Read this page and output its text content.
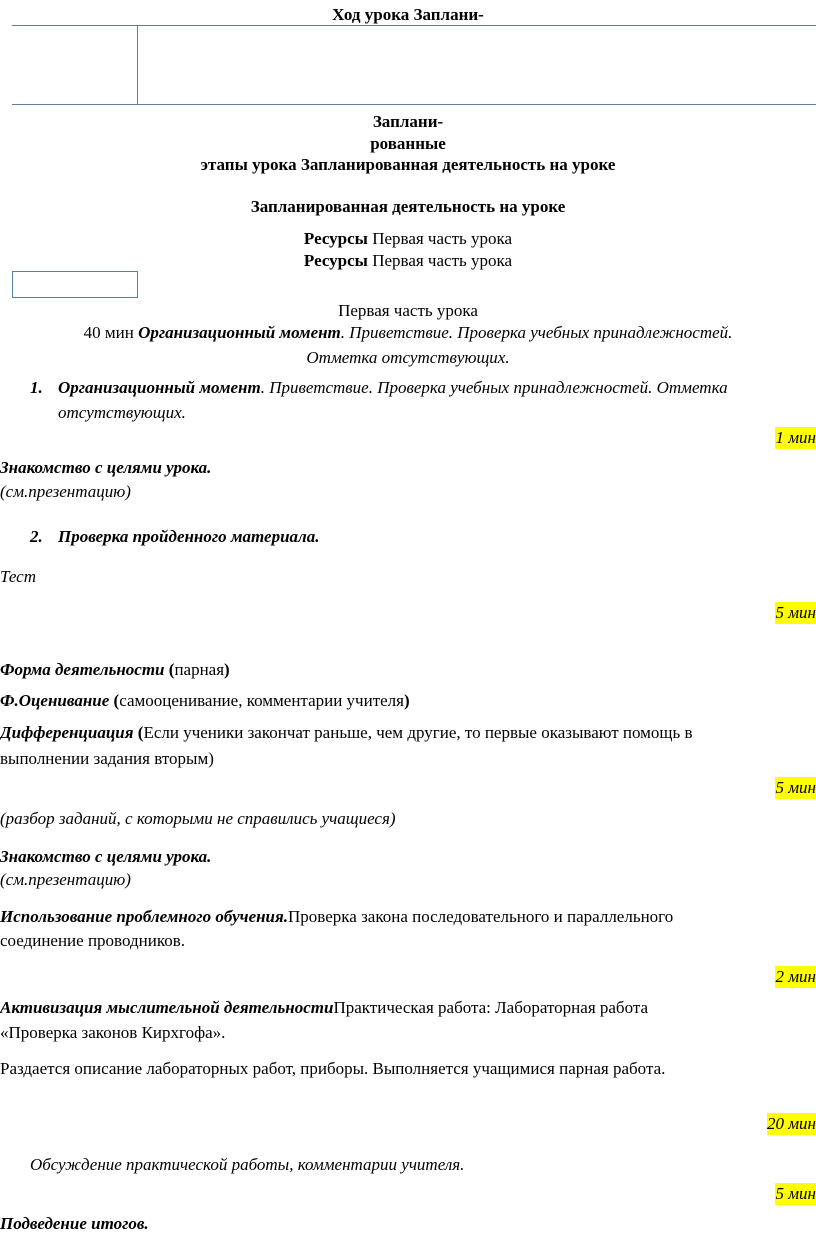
Ход урока Заплани-
Заплани-
рованные
этапы урока Запланированная деятельность на уроке
Запланированная деятельность на уроке
Ресурсы Первая часть урока
Ресурсы Первая часть урока
Первая часть урока
40 мин Организационный момент. Приветствие. Проверка учебных принадлежностей.
Отметка отсутствующих.
1. Организационный момент. Приветствие. Проверка учебных принадлежностей. Отметка
отсутствующих.
1 мин
Знакомство с целями урока.
(см.презентацию)
2. Проверка пройденного материала.
Тест
5 мин
Форма деятельности (парная)
Ф.Оценивание (самооценивание, комментарии учителя)
Дифференциация (Если ученики закончат раньше, чем другие, то первые оказывают помощь в
выполнении задания вторым)
5 мин
(разбор заданий, с которыми не справились учащиеся)
Знакомство с целями урока.
(см.презентацию)
Использование проблемного обучения.Проверка закона последовательного и параллельного
соединение проводников.
2 мин
Активизация мыслительной деятельностиПрактическая работа: Лабораторная работа
«Проверка законов Кирхгофа».
Раздается описание лабораторных работ, приборы. Выполняется учащимися парная работа.
20 мин
Обсуждение практической работы, комментарии учителя.
5 мин
Подведение итогов.
